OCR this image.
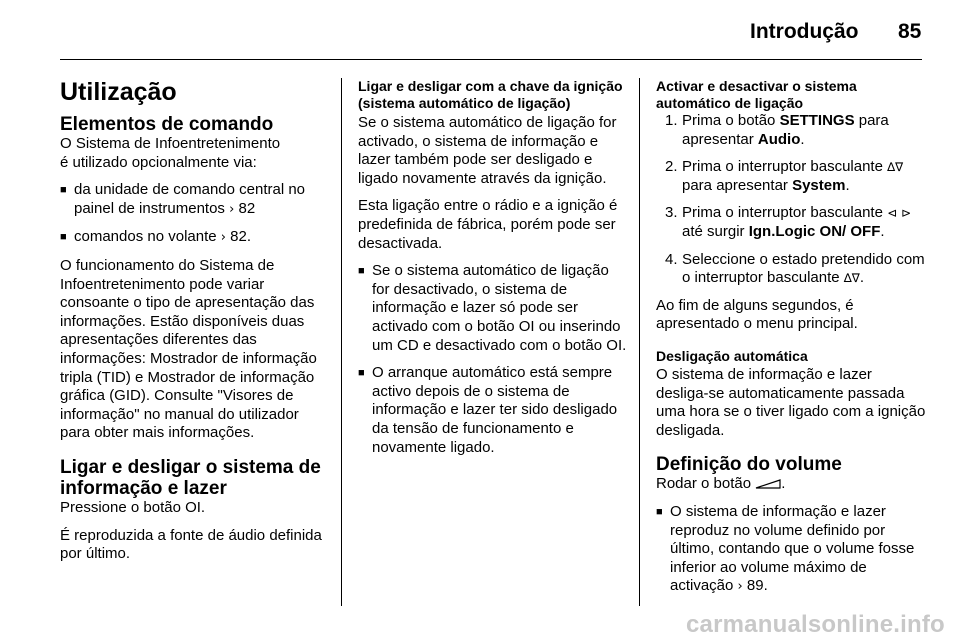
Introdução 85
Utilização
Elementos de comando

O Sistema de Infoentretenimento
é utilizado opcionalmente via:

■ da unidade de comando central no painel de instrumentos › 82
■ comandos no volante › 82.

O funcionamento do Sistema de Infoentretenimento pode variar consoante o tipo de apresentação das informações. Estão disponíveis duas apresentações diferentes das informações: Mostrador de informação tripla (TID) e Mostrador de informação gráfica (GID). Consulte "Visores de informação" no manual do utilizador para obter mais informações.

Ligar e desligar o sistema de informação e lazer

Pressione o botão OI.

É reproduzida a fonte de áudio definida por último.

Ligar e desligar com a chave da ignição (sistema automático de ligação)

Se o sistema automático de ligação for activado, o sistema de informação e lazer também pode ser desligado e ligado novamente através da ignição.

Esta ligação entre o rádio e a ignição é predefinida de fábrica, porém pode ser desactivada.

■ Se o sistema automático de ligação for desactivado, o sistema de informação e lazer só pode ser activado com o botão OI ou inserindo um CD e desactivado com o botão OI.
■ O arranque automático está sempre activo depois de o sistema de informação e lazer ter sido desligado da tensão de funcionamento e novamente ligado.

Activar e desactivar o sistema automático de ligação

1. Prima o botão SETTINGS para apresentar Audio.
2. Prima o interruptor basculante ∆∇ para apresentar System.
3. Prima o interruptor basculante ⊲ ⊳ até surgir Ign.Logic ON/ OFF.
4. Seleccione o estado pretendido com o interruptor basculante ∆∇.

Ao fim de alguns segundos, é apresentado o menu principal.

Desligação automática

O sistema de informação e lazer desliga-se automaticamente passada uma hora se o tiver ligado com a ignição desligada.

Definição do volume

Rodar o botão .

■ O sistema de informação e lazer reproduz no volume definido por último, contando que o volume fosse inferior ao volume máximo de activação › 89.
carmanualsonline.info
